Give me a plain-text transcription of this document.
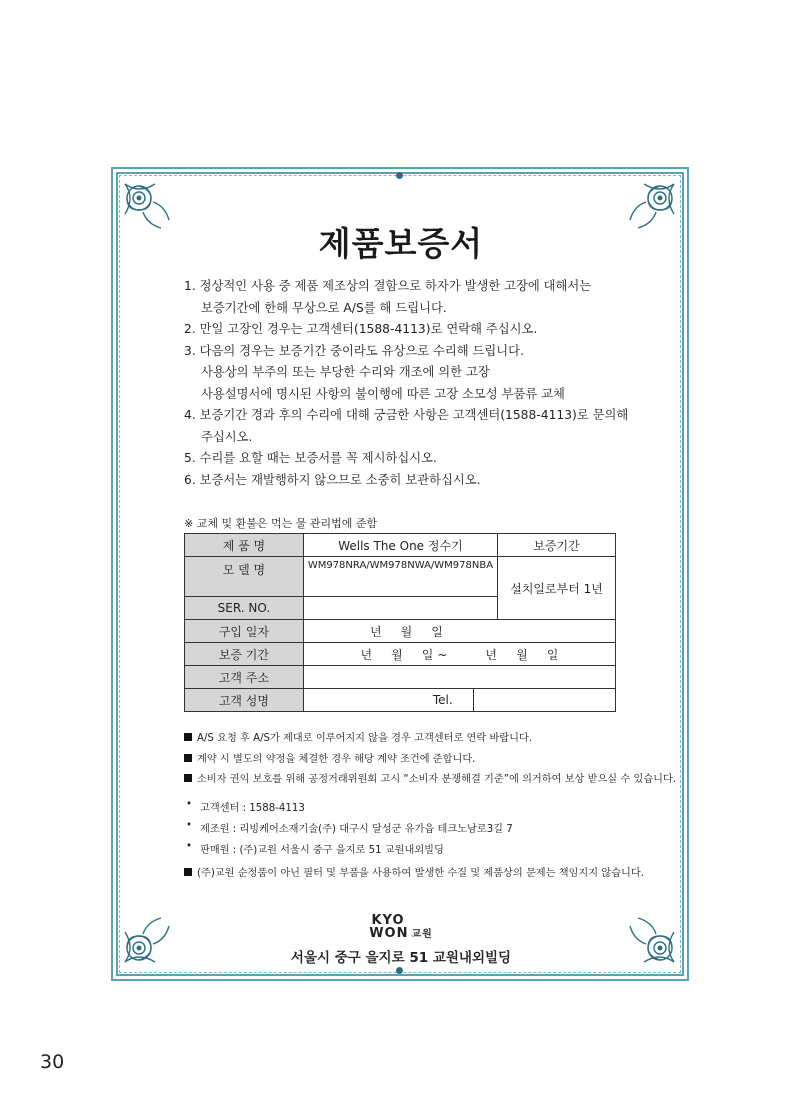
제품보증서
1. 정상적인 사용 중 제품 제조상의 결함으로 하자가 발생한 고장에 대해서는
보증기간에 한해 무상으로 A/S를 해 드립니다.
2. 만일 고장인 경우는 고객센터(1588-4113)로 연락해 주십시오.
3. 다음의 경우는 보증기간 중이라도 유상으로 수리해 드립니다.
사용상의 부주의 또는 부당한 수리와 개조에 의한 고장
사용설명서에 명시된 사항의 불이행에 따른 고장 소모성 부품류 교체
4. 보증기간 경과 후의 수리에 대해 궁금한 사항은 고객센터(1588-4113)로 문의해
주십시오.
5. 수리를 요할 때는 보증서를 꼭 제시하십시오.
6. 보증서는 재발행하지 않으므로 소중히 보관하십시오.
※ 교체 및 환불은 먹는 물 관리법에 준함
제 품 명	Wells The One 정수기		보증기간
모 델 명	WM978NRA/WM978NWA/WM978NBA		설치일로부터 1년
SER. NO.			
구입 일자	년     월     일		
보증 기간	년     월     일 ~          년     월     일		
고객 주소			
고객 성명		Tel.	
A/S 요청 후 A/S가 제대로 이루어지지 않을 경우 고객센터로 연락 바랍니다.
계약 시 별도의 약정을 체결한 경우 해당 계약 조건에 준합니다.
소비자 권익 보호를 위해 공정거래위원회 고시 “소비자 분쟁해결 기준”에 의거하여 보상 받으실 수 있습니다.
• 고객센터 : 1588-4113
• 제조원 : 리빙케어소재기술(주) 대구시 달성군 유가읍 테크노남로3길 7
• 판매원 : (주)교원 서울시 중구 을지로 51 교원내외빌딩
(주)교원 순정품이 아닌 필터 및 부품을 사용하여 발생한 수질 및 제품상의 문제는 책임지지 않습니다.
KYO
WON 교원
서울시 중구 을지로 51 교원내외빌딩
30
